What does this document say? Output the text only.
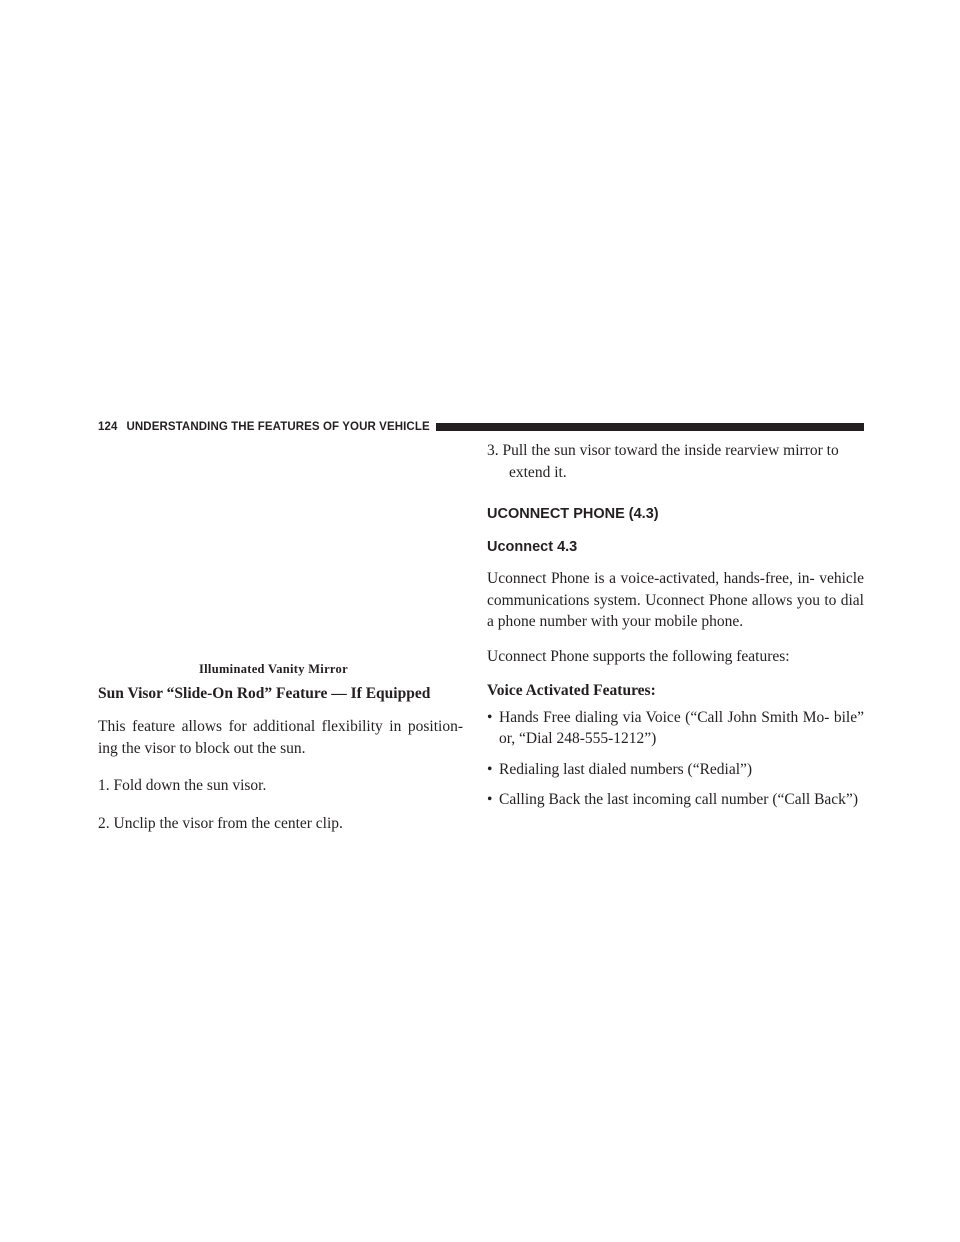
124 UNDERSTANDING THE FEATURES OF YOUR VEHICLE
Illuminated Vanity Mirror
Sun Visor “Slide-On Rod” Feature — If Equipped

This feature allows for additional flexibility in position- ing the visor to block out the sun.

1. Fold down the sun visor.

2. Unclip the visor from the center clip.

3. Pull the sun visor toward the inside rearview mirror to extend it.

UCONNECT PHONE (4.3)
Uconnect 4.3

Uconnect Phone is a voice-activated, hands-free, in- vehicle communications system. Uconnect Phone allows you to dial a phone number with your mobile phone.

Uconnect Phone supports the following features:

Voice Activated Features:
• Hands Free dialing via Voice (“Call John Smith Mo- bile” or, “Dial 248-555-1212”)
• Redialing last dialed numbers (“Redial”)
• Calling Back the last incoming call number (“Call Back”)
